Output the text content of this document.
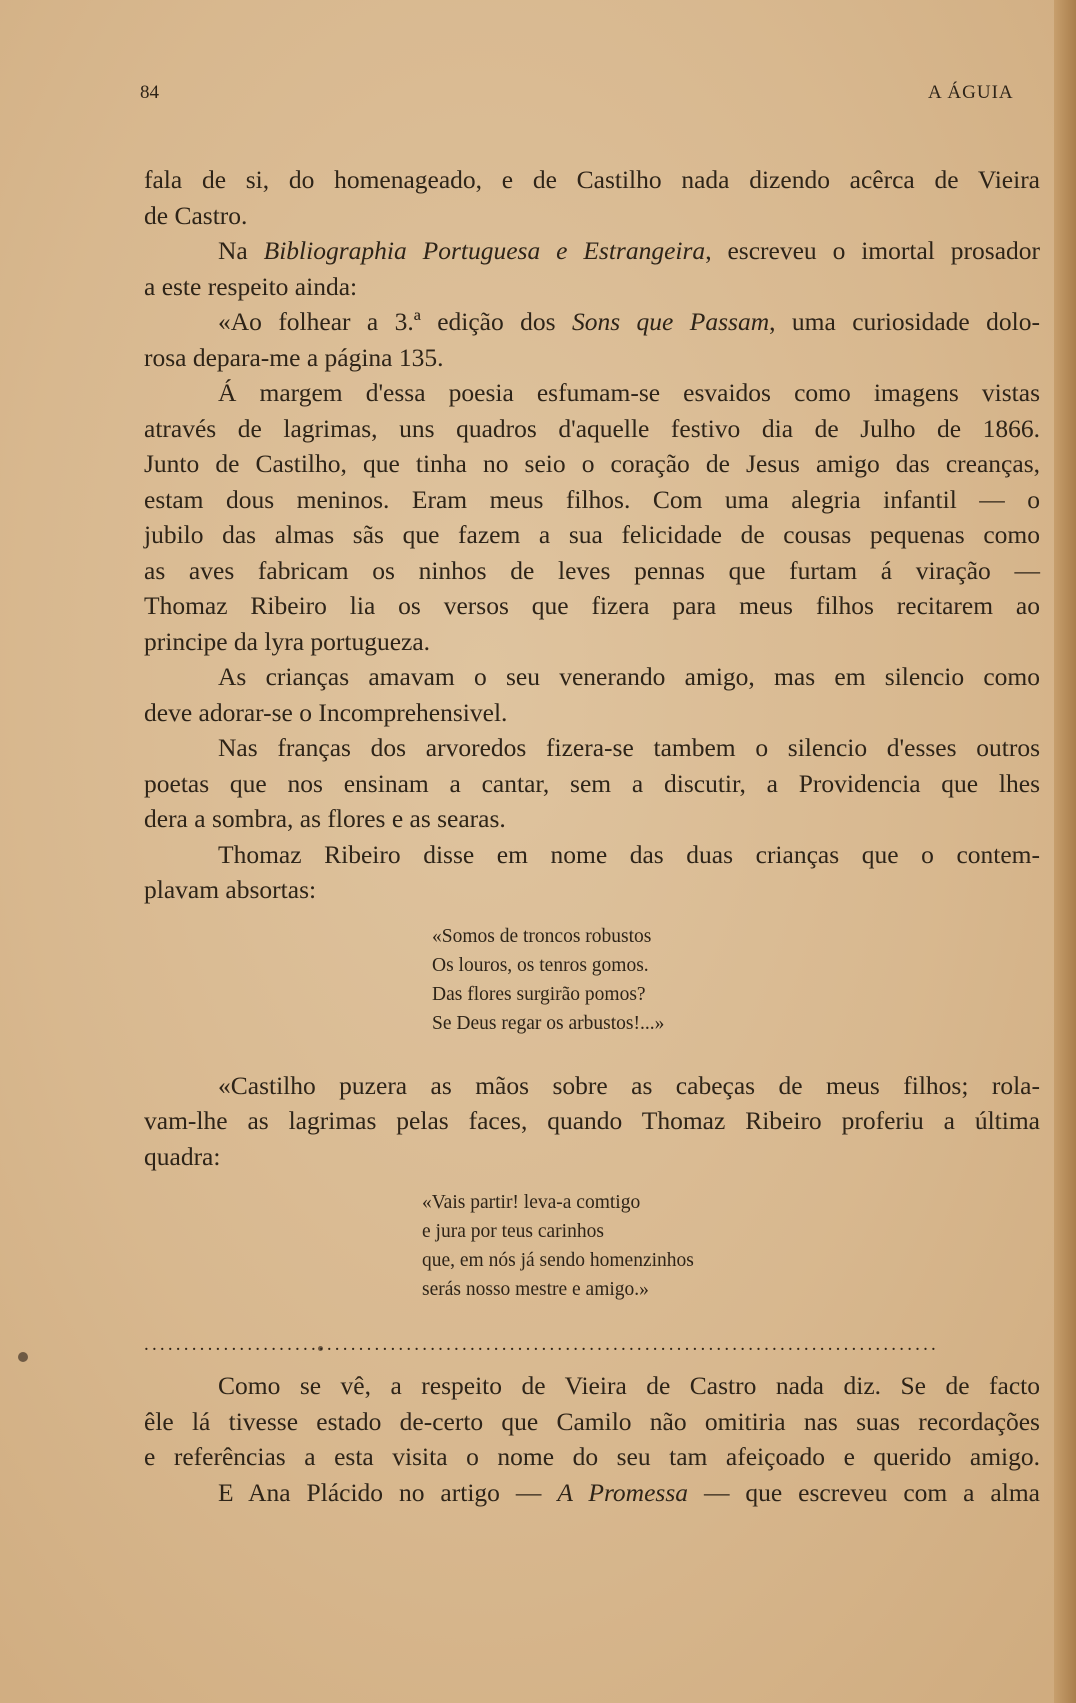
84	A ÁGUIA
fala de si, do homenageado, e de Castilho nada dizendo acêrca de Vieira
de Castro.
Na Bibliographia Portuguesa e Estrangeira, escreveu o imortal prosador
a este respeito ainda:
«Ao folhear a 3.ª edição dos Sons que Passam, uma curiosidade dolo-
rosa depara-me a página 135.
Á margem d'essa poesia esfumam-se esvaidos como imagens vistas
através de lagrimas, uns quadros d'aquelle festivo dia de Julho de 1866.
Junto de Castilho, que tinha no seio o coração de Jesus amigo das creanças,
estam dous meninos. Eram meus filhos. Com uma alegria infantil — o
jubilo das almas sãs que fazem a sua felicidade de cousas pequenas como
as aves fabricam os ninhos de leves pennas que furtam á viração —
Thomaz Ribeiro lia os versos que fizera para meus filhos recitarem ao
principe da lyra portugueza.
As crianças amavam o seu venerando amigo, mas em silencio como
deve adorar-se o Incomprehensivel.
Nas franças dos arvoredos fizera-se tambem o silencio d'esses outros
poetas que nos ensinam a cantar, sem a discutir, a Providencia que lhes
dera a sombra, as flores e as searas.
Thomaz Ribeiro disse em nome das duas crianças que o contem-
plavam absortas:
«Somos de troncos robustos
Os louros, os tenros gomos.
Das flores surgirão pomos?
Se Deus regar os arbustos!...»
«Castilho puzera as mãos sobre as cabeças de meus filhos; rola-
vam-lhe as lagrimas pelas faces, quando Thomaz Ribeiro proferiu a última
quadra:
«Vais partir! leva-a comtigo
e jura por teus carinhos
que, em nós já sendo homenzinhos
serás nosso mestre e amigo.»
....................................................................................................
Como se vê, a respeito de Vieira de Castro nada diz. Se de facto
êle lá tivesse estado de-certo que Camilo não omitiria nas suas recordações
e referências a esta visita o nome do seu tam afeiçoado e querido amigo.
E Ana Plácido no artigo — A Promessa — que escreveu com a alma
